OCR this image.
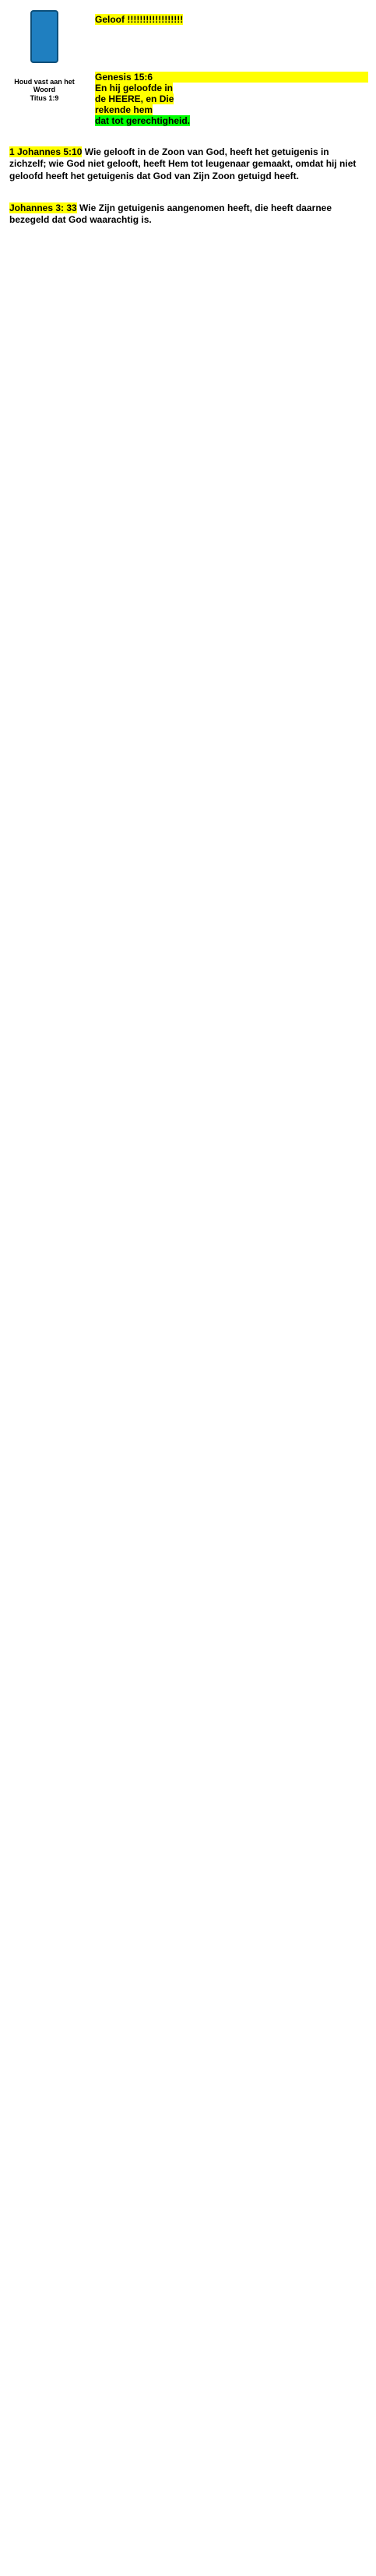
Houd vast aan het Woord
Titus 1:9
Geloof !!!!!!!!!!!!!!!!!!
Genesis 15:6
En hij geloofde in
de HEERE, en Die
rekende hem
dat tot gerechtigheid.
1 Johannes 5:10 Wie gelooft in de Zoon van God, heeft het getuigenis in zichzelf; wie God niet gelooft, heeft Hem tot leugenaar gemaakt, omdat hij niet geloofd heeft het getuigenis dat God van Zijn Zoon getuigd heeft.
Johannes 3: 33 Wie Zijn getuigenis aangenomen heeft, die heeft daarnee bezegeld dat God waarachtig is.
